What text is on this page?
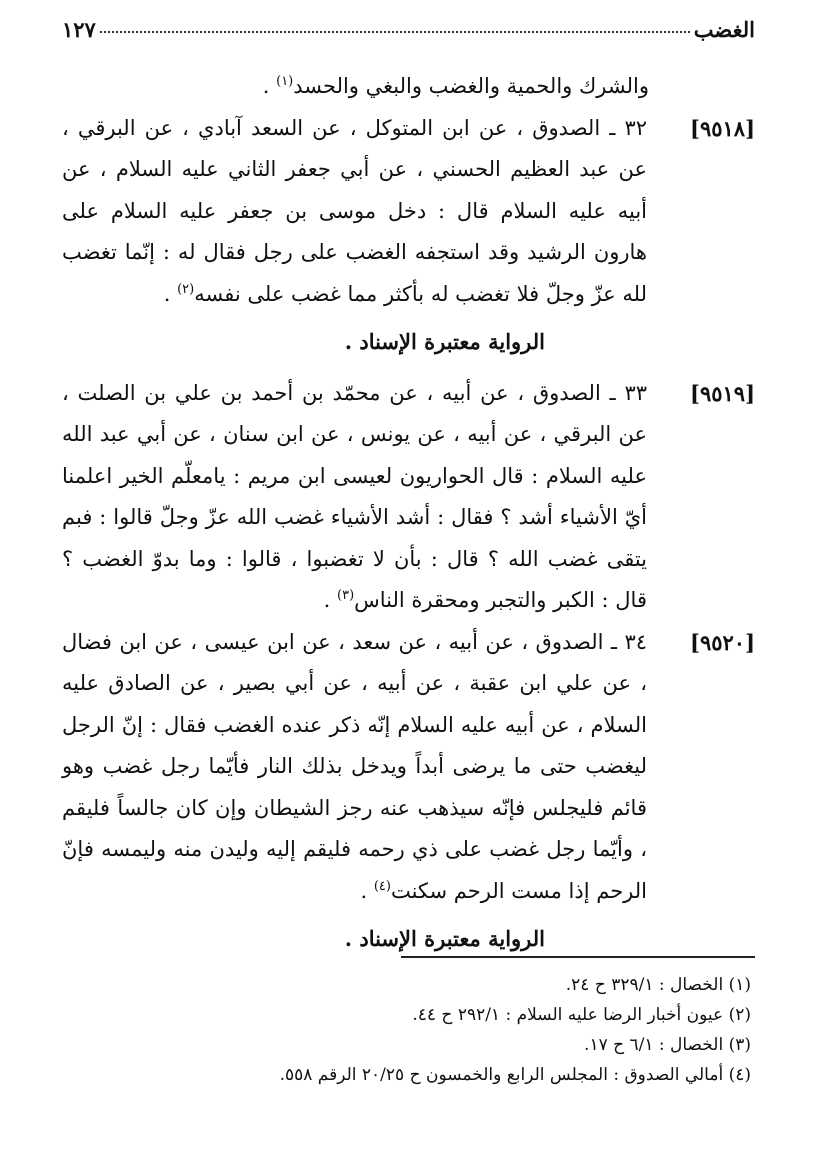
الغضب
١٢٧

والشرك والحمية والغضب والبغي والحسد$^{(١)}$ .

[٩٥١٨]
٣٢ ـ الصدوق ، عن ابن المتوكل ، عن السعد آبادي ، عن البرقي ، عن عبد العظيم الحسني ، عن أبي جعفر الثاني عليه السلام ، عن أبيه عليه السلام قال : دخل موسى بن جعفر عليه السلام على هارون الرشيد وقد استجفه الغضب على رجل فقال له : إنّما تغضب لله عزّ وجلّ فلا تغضب له بأكثر مما غضب على نفسه$^{(٢)}$ .

الرواية معتبرة الإسناد .

[٩٥١٩]
٣٣ ـ الصدوق ، عن أبيه ، عن محمّد بن أحمد بن علي بن الصلت ، عن البرقي ، عن أبيه ، عن يونس ، عن ابن سنان ، عن أبي عبد الله عليه السلام : قال الحواريون لعيسى ابن مريم : يامعلّم الخير اعلمنا أيّ الأشياء أشد ؟ فقال : أشد الأشياء غضب الله عزّ وجلّ قالوا : فبم يتقى غضب الله ؟ قال : بأن لا تغضبوا ، قالوا : وما بدوّ الغضب ؟ قال : الكبر والتجبر ومحقرة الناس$^{(٣)}$ .
[٩٥٢٠]
٣٤ ـ الصدوق ، عن أبيه ، عن سعد ، عن ابن عيسى ، عن ابن فضال ، عن علي ابن عقبة ، عن أبيه ، عن أبي بصير ، عن الصادق عليه السلام ، عن أبيه عليه السلام إنّه ذكر عنده الغضب فقال : إنّ الرجل ليغضب حتى ما يرضى أبداً ويدخل بذلك النار فأيّما رجل غضب وهو قائم فليجلس فإنّه سيذهب عنه رجز الشيطان وإن كان جالساً فليقم ، وأيّما رجل غضب على ذي رحمه فليقم إليه وليدن منه وليمسه فإنّ الرحم إذا مست الرحم سكنت$^{(٤)}$ .

الرواية معتبرة الإسناد .

(١) الخصال : ٣٢٩/١ ح ٢٤.

(٢) عيون أخبار الرضا عليه السلام : ٢٩٢/١ ح ٤٤.

(٣) الخصال : ٦/١ ح ١٧.

(٤) أمالي الصدوق : المجلس الرابع والخمسون ح ٢٠/٢٥ الرقم ٥٥٨.
